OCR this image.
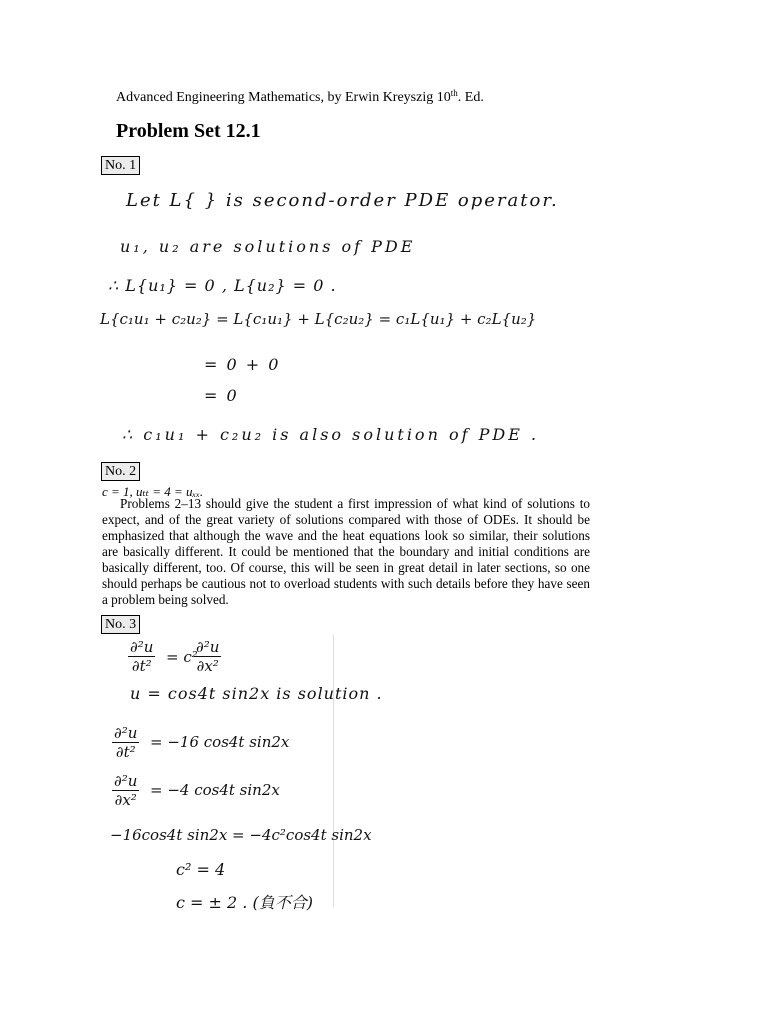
Advanced Engineering Mathematics, by Erwin Kreyszig 10th. Ed.
Problem Set 12.1
No. 1
Let L{ } is second-order PDE operator.
u₁, u₂ are solutions of PDE
∴ L{u₁} = 0 , L{u₂} = 0 .
L{c₁u₁ + c₂u₂} = L{c₁u₁} + L{c₂u₂} = c₁L{u₁} + c₂L{u₂}
= 0 + 0
= 0
∴ c₁u₁ + c₂u₂ is also solution of PDE .
No. 2
c = 1, uₜₜ = 4 = uₓₓ.

Problems 2–13 should give the student a first impression of what kind of solutions to expect, and of the great variety of solutions compared with those of ODEs. It should be emphasized that although the wave and the heat equations look so similar, their solutions are basically different. It could be mentioned that the boundary and initial conditions are basically different, too. Of course, this will be seen in great detail in later sections, so one should perhaps be cautious not to overload students with such details before they have seen a problem being solved.

No. 3
$\frac{\text{∂²u}}{\text{∂t²}} = c^2$
$\frac{\text{∂²u}}{\text{∂x²}}$
u = cos4t sin2x is solution .
$\frac{\text{∂²u}}{\text{∂t²}} = -16$ cos4t sin2x
$\frac{\text{∂²u}}{\text{∂x²}} = -4$ cos4t sin2x
−16cos4t sin2x = −4c²cos4t sin2x
c² = 4
c = ± 2 . (負不合)
